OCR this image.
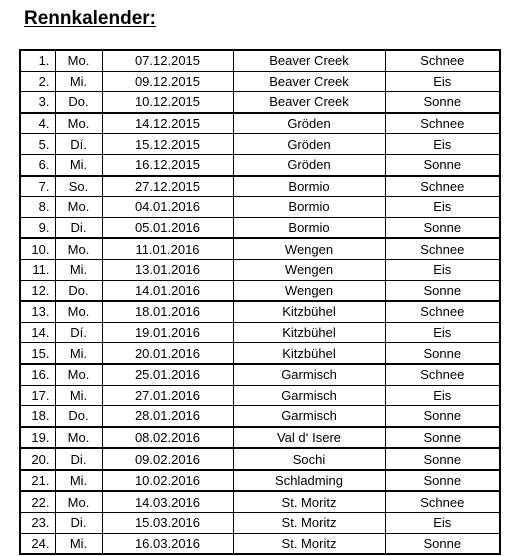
Rennkalender:
1.	Mo.	07.12.2015	Beaver Creek	Schnee
2.	Mi.	09.12.2015	Beaver Creek	Eis
3.	Do.	10.12.2015	Beaver Creek	Sonne
4.	Mo.	14.12.2015	Gröden	Schnee
5.	Dí.	15.12.2015	Gröden	Eis
6.	Mi.	16.12.2015	Gröden	Sonne
7.	So.	27.12.2015	Bormio	Schnee
8.	Mo.	04.01.2016	Bormio	Eis
9.	Di.	05.01.2016	Bormio	Sonne
10.	Mo.	11.01.2016	Wengen	Schnee
11.	Mi.	13.01.2016	Wengen	Eis
12.	Do.	14.01.2016	Wengen	Sonne
13.	Mo.	18.01.2016	Kitzbühel	Schnee
14.	Dí.	19.01.2016	Kitzbühel	Eis
15.	Mi.	20.01.2016	Kitzbühel	Sonne
16.	Mo.	25.01.2016	Garmisch	Schnee
17.	Mi.	27.01.2016	Garmisch	Eis
18.	Do.	28.01.2016	Garmisch	Sonne
19.	Mo.	08.02.2016	Val d‘ Isere	Sonne
20.	Di.	09.02.2016	Sochi	Sonne
21.	Mi.	10.02.2016	Schladming	Sonne
22.	Mo.	14.03.2016	St. Moritz	Schnee
23.	Di.	15.03.2016	St. Moritz	Eis
24.	Mi.	16.03.2016	St. Moritz	Sonne
